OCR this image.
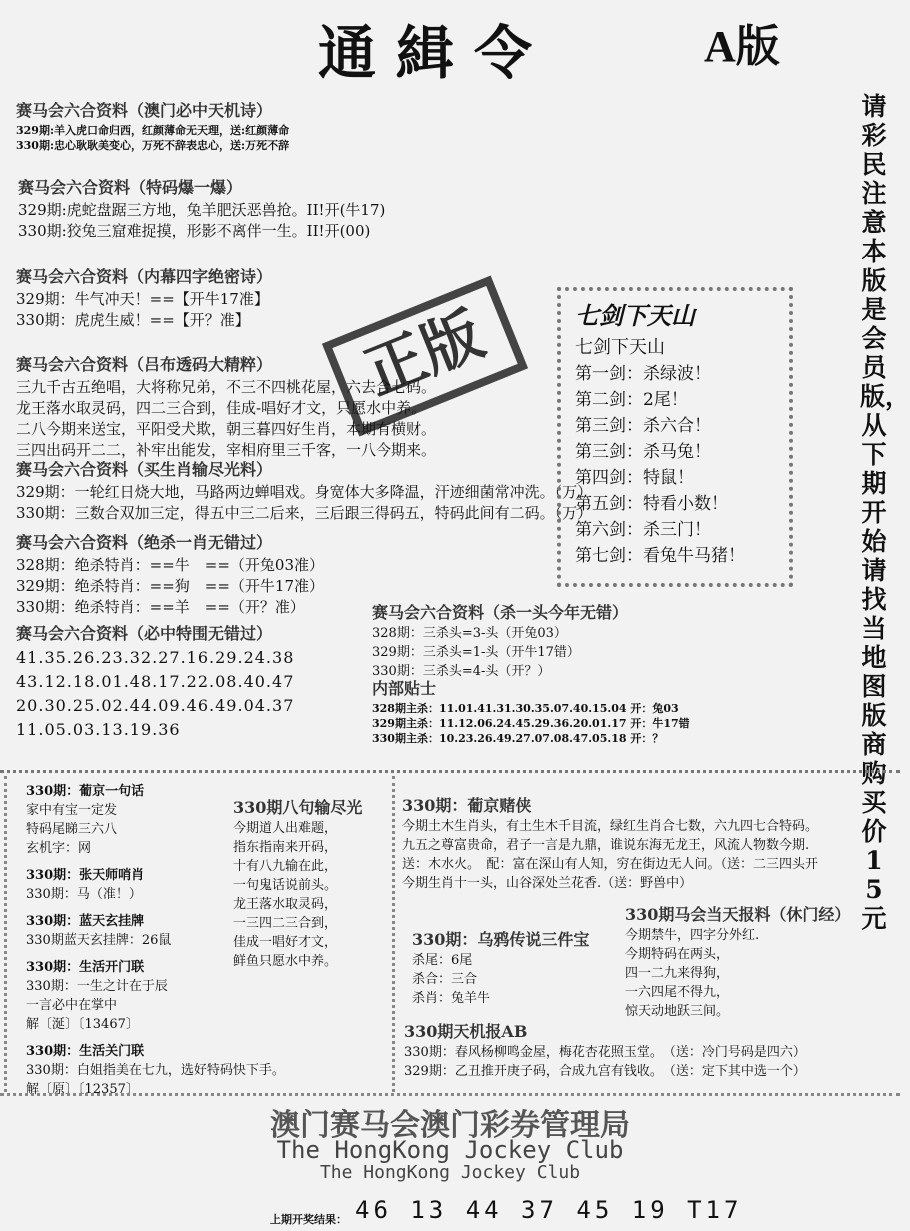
通緝令	A版
请彩民注意本版是会员版，从下期开始请找当地图版商购买价15元
正版
赛马会六合资料（澳门必中天机诗）
329期:羊入虎口命归西，红颜薄命无天理，送:红颜薄命
330期:忠心耿耿美变心，万死不辞表忠心，送:万死不辞
赛马会六合资料（特码爆一爆）
329期:虎蛇盘踞三方地，兔羊肥沃恶兽抢。II!开(牛17)
330期:狡兔三窟难捉摸，形影不离伴一生。II!开(00)
赛马会六合资料（内幕四字绝密诗）
329期：牛气冲天！==【开牛17准】
330期：虎虎生威！==【开？准】
赛马会六合资料（吕布透码大精粹）
三九千古五绝唱，大将称兄弟，不三不四桃花屋，六去合七码。
龙王落水取灵码，四二三合到，佳成-唱好才文，只愿水中养。
二八今期来送宝，平阳受犬欺，朝三暮四好生肖，本期有横财。
三四出码开二二，补牢出能发，宰相府里三千客，一八今期来。
赛马会六合资料（买生肖输尽光料）
329期：一轮红日烧大地，马路两边蝉唱戏。身宽体大多降温，汗迹细菌常冲洗。（万）
330期：三数合双加三定，得五中三二后来，三后跟三得码五，特码此间有二码。（万）
赛马会六合资料（绝杀一肖无错过）
328期：绝杀特肖：==牛　==（开兔03准）
329期：绝杀特肖：==狗　==（开牛17准）
330期：绝杀特肖：==羊　==（开？准）
赛马会六合资料（必中特围无错过）
41.35.26.23.32.27.16.29.24.38
43.12.18.01.48.17.22.08.40.47
20.30.25.02.44.09.46.49.04.37
11.05.03.13.19.36
七剑下天山
七剑下天山
第一剑：杀绿波！
第二剑：2尾！
第三剑：杀六合！
第三剑：杀马兔！
第四剑：特鼠！
第五剑：特看小数！
第六剑：杀三门！
第七剑：看兔牛马猪！
赛马会六合资料（杀一头今年无错）
328期：三杀头=3-头（开兔03）
329期：三杀头=1-头（开牛17错）
330期：三杀头=4-头（开？）
内部贴士
328期主杀：11.01.41.31.30.35.07.40.15.04 开：兔03
329期主杀：11.12.06.24.45.29.36.20.01.17 开：牛17错
330期主杀：10.23.26.49.27.07.08.47.05.18 开：？
330期：葡京一句话
家中有宝一定发
特码尾睇三六八
玄机字：网
330期：张天师哨肖
330期：马（准！）
330期：蓝天玄挂牌
330期蓝天玄挂牌：26鼠
330期：生活开门联
330期：一生之计在于辰
一言必中在掌中
解〔涎〕〔13467〕
330期：生活关门联
330期：白姐指美在七九，选好特码快下手。
解〔原〕〔12357〕
330期八句输尽光
今期道人出难题，
指东指南来开码，
十有八九输在此，
一句鬼话说前头。
龙王落水取灵码，
一三四二三合到，
佳成一唱好才文，
鲜鱼只愿水中养。
330期：葡京赌侠
今期土木生肖头，有土生木千目流，绿红生肖合七数，六九四七合特码。
九五之尊富贵命，君子一言是九鼎，谁说东海无龙王，风流人物数今期.
送：木水火。　配：富在深山有人知，穷在街边无人问。（送：二三四头开
今期生肖十一头，山谷深处兰花香.（送：野兽中）
330期：乌鸦传说三件宝
杀尾：6尾
杀合：三合
杀肖：兔羊牛
330期马会当天报料（休门经）
今期禁牛，四字分外红.
今期特码在两头，
四一二九来得狗，
一六四尾不得九，
惊天动地跃三间。
330期天机报AB
330期：春风杨柳鸣金屋，梅花杏花照玉堂。　（送：冷门号码是四六）
329期：乙丑推开庚子码，合成九宫有钱收。　（送：定下其中选一个）
澳门赛马会澳门彩券管理局
The HongKong Jockey Club
The HongKong Jockey Club
上期开奖结果： 46 13 44 37 45 19 T17
